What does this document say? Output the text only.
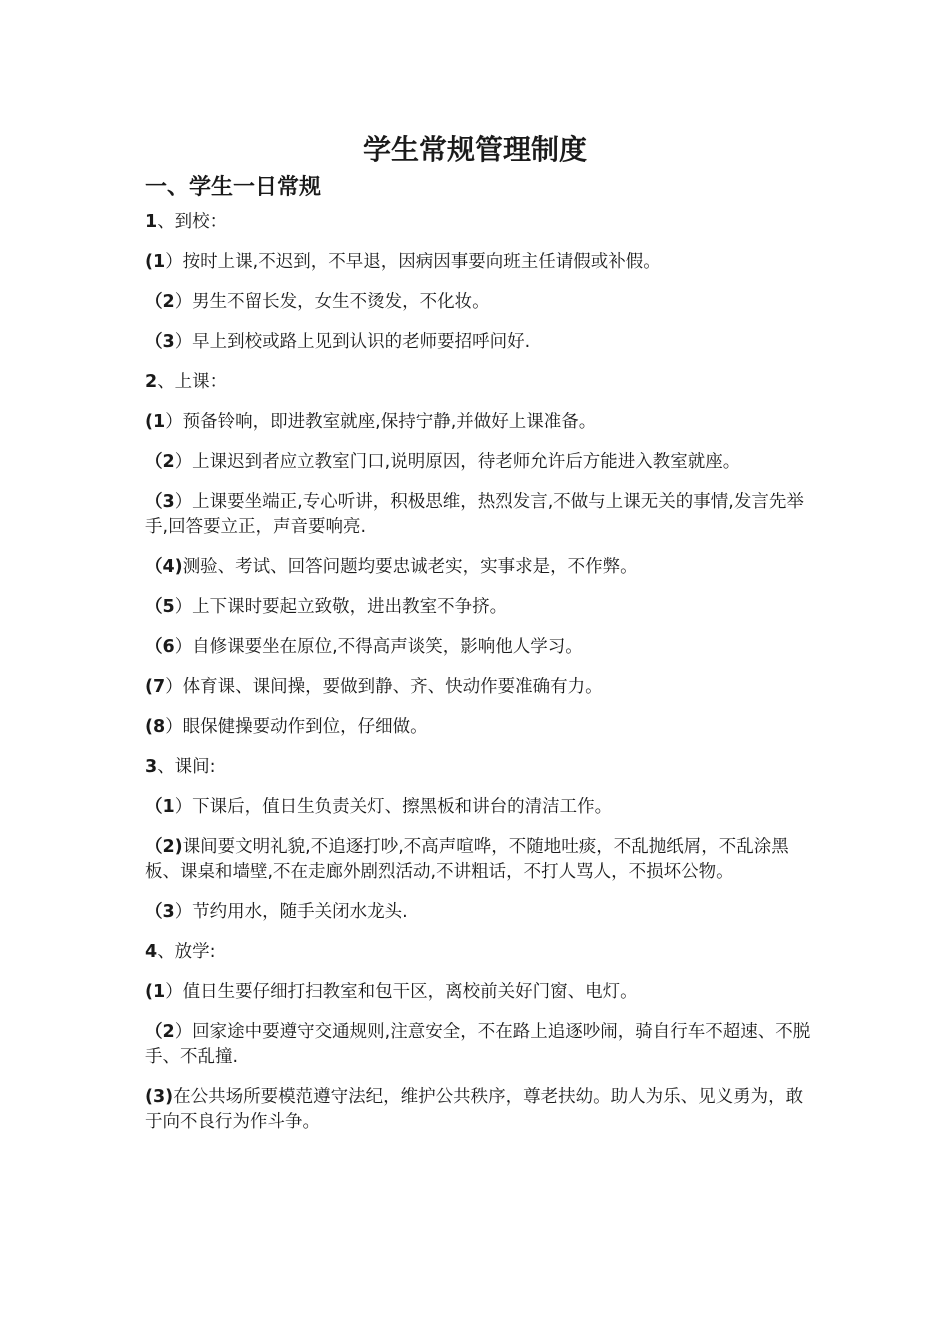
学生常规管理制度
一、学生一日常规

1、到校：

(1）按时上课,不迟到，不早退，因病因事要向班主任请假或补假。

（2）男生不留长发，女生不烫发，不化妆。

（3）早上到校或路上见到认识的老师要招呼问好.

2、上课：

(1）预备铃响，即进教室就座,保持宁静,并做好上课准备。

（2）上课迟到者应立教室门口,说明原因，待老师允许后方能进入教室就座。

（3）上课要坐端正,专心听讲，积极思维，热烈发言,不做与上课无关的事情,发言先举手,回答要立正，声音要响亮.

（4)测验、考试、回答问题均要忠诚老实，实事求是，不作弊。

（5）上下课时要起立致敬，进出教室不争挤。

（6）自修课要坐在原位,不得高声谈笑，影响他人学习。

(7）体育课、课间操，要做到静、齐、快动作要准确有力。

(8）眼保健操要动作到位，仔细做。

3、课间:

（1）下课后，值日生负责关灯、擦黑板和讲台的清洁工作。

（2)课间要文明礼貌,不追逐打吵,不高声喧哗，不随地吐痰，不乱抛纸屑，不乱涂黑板、课桌和墙壁,不在走廊外剧烈活动,不讲粗话，不打人骂人，不损坏公物。

（3）节约用水，随手关闭水龙头.

4、放学:

(1）值日生要仔细打扫教室和包干区，离校前关好门窗、电灯。

（2）回家途中要遵守交通规则,注意安全，不在路上追逐吵闹，骑自行车不超速、不脱手、不乱撞.

(3)在公共场所要模范遵守法纪，维护公共秩序，尊老扶幼。助人为乐、见义勇为，敢于向不良行为作斗争。
